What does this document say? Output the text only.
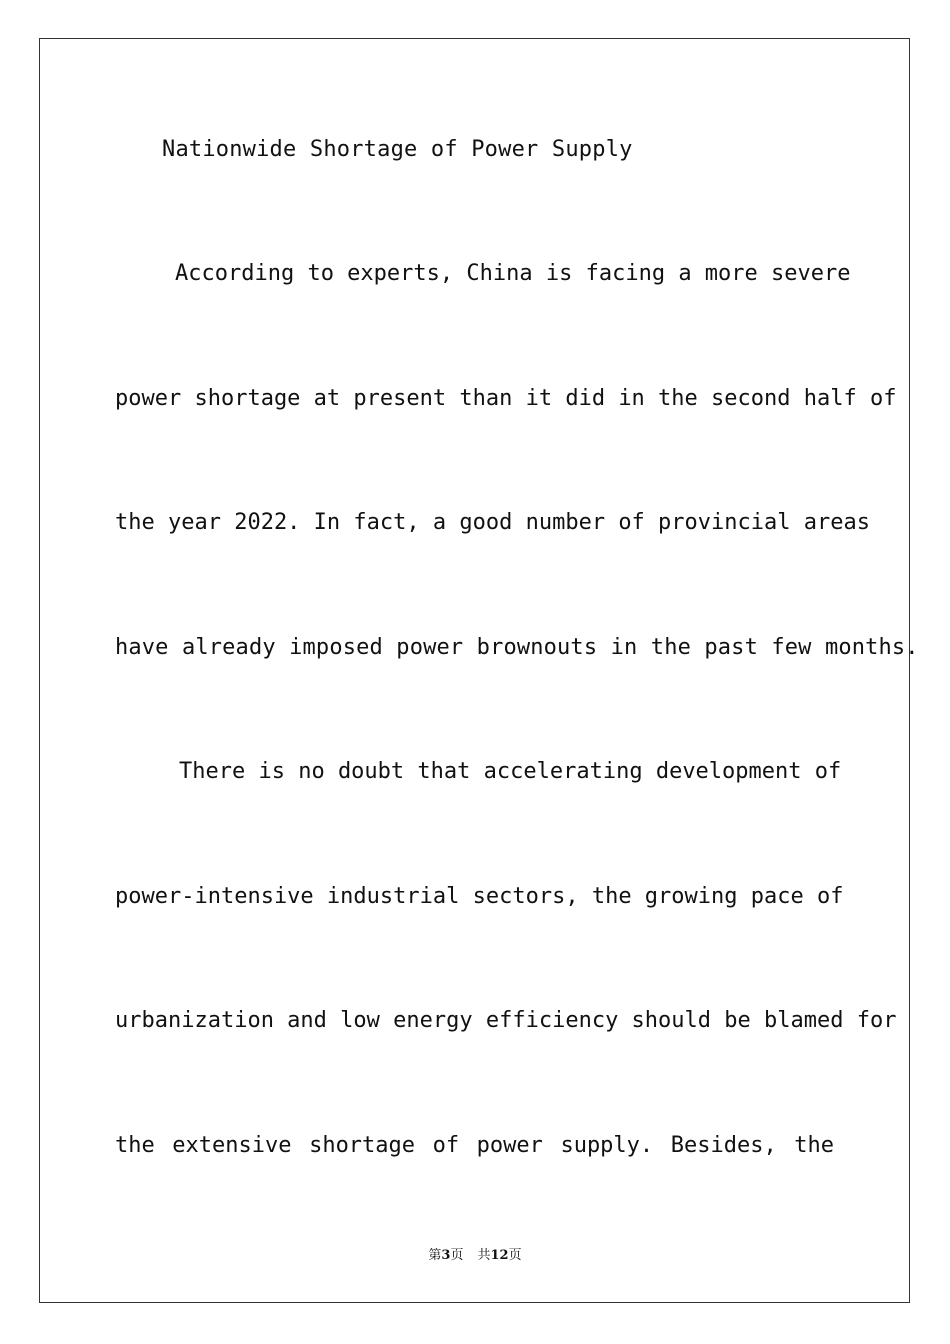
Nationwide Shortage of Power Supply
According to experts, China is facing a more severe
power shortage at present than it did in the second half of
the year 2022. In fact, a good number of provincial areas
have already imposed power brownouts in the past few months.
There is no doubt that accelerating development of
power-intensive industrial sectors, the growing pace of
urbanization and low energy efficiency should be blamed for
the extensive shortage of power supply. Besides, the
第3页 共12页
